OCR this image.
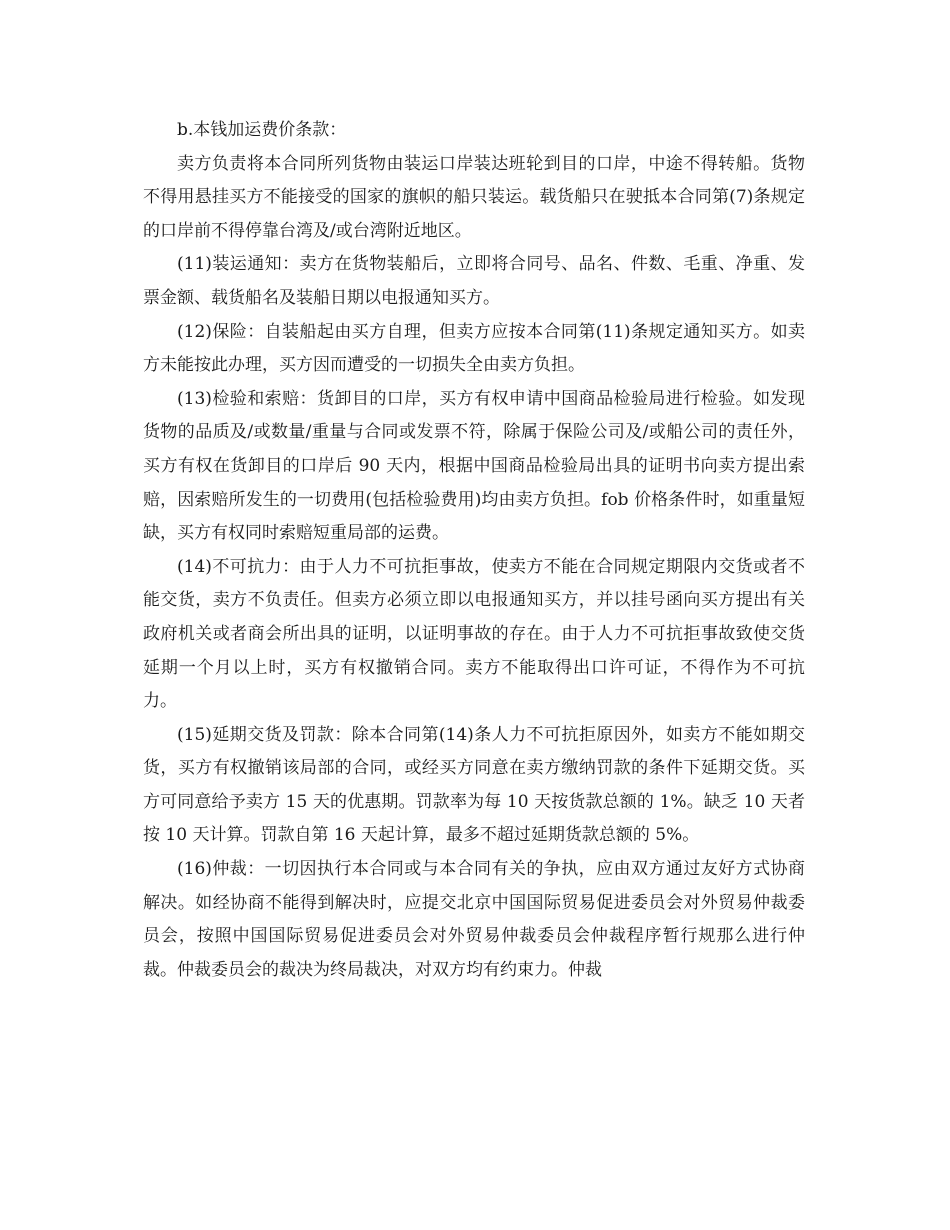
b.本钱加运费价条款：

卖方负责将本合同所列货物由装运口岸装达班轮到目的口岸，中途不得转船。货物不得用悬挂买方不能接受的国家的旗帜的船只装运。载货船只在驶抵本合同第(7)条规定的口岸前不得停靠台湾及/或台湾附近地区。

(11)装运通知：卖方在货物装船后，立即将合同号、品名、件数、毛重、净重、发票金额、载货船名及装船日期以电报通知买方。

(12)保险：自装船起由买方自理，但卖方应按本合同第(11)条规定通知买方。如卖方未能按此办理，买方因而遭受的一切损失全由卖方负担。

(13)检验和索赔：货卸目的口岸，买方有权申请中国商品检验局进行检验。如发现货物的品质及/或数量/重量与合同或发票不符，除属于保险公司及/或船公司的责任外，买方有权在货卸目的口岸后 90 天内，根据中国商品检验局出具的证明书向卖方提出索赔，因索赔所发生的一切费用(包括检验费用)均由卖方负担。fob 价格条件时，如重量短缺，买方有权同时索赔短重局部的运费。

(14)不可抗力：由于人力不可抗拒事故，使卖方不能在合同规定期限内交货或者不能交货，卖方不负责任。但卖方必须立即以电报通知买方，并以挂号函向买方提出有关政府机关或者商会所出具的证明，以证明事故的存在。由于人力不可抗拒事故致使交货延期一个月以上时，买方有权撤销合同。卖方不能取得出口许可证，不得作为不可抗力。

(15)延期交货及罚款：除本合同第(14)条人力不可抗拒原因外，如卖方不能如期交货，买方有权撤销该局部的合同，或经买方同意在卖方缴纳罚款的条件下延期交货。买方可同意给予卖方 15 天的优惠期。罚款率为每 10 天按货款总额的 1%。缺乏 10 天者按 10 天计算。罚款自第 16 天起计算，最多不超过延期货款总额的 5%。

(16)仲裁：一切因执行本合同或与本合同有关的争执，应由双方通过友好方式协商解决。如经协商不能得到解决时，应提交北京中国国际贸易促进委员会对外贸易仲裁委员会，按照中国国际贸易促进委员会对外贸易仲裁委员会仲裁程序暂行规那么进行仲裁。仲裁委员会的裁决为终局裁决，对双方均有约束力。仲裁
